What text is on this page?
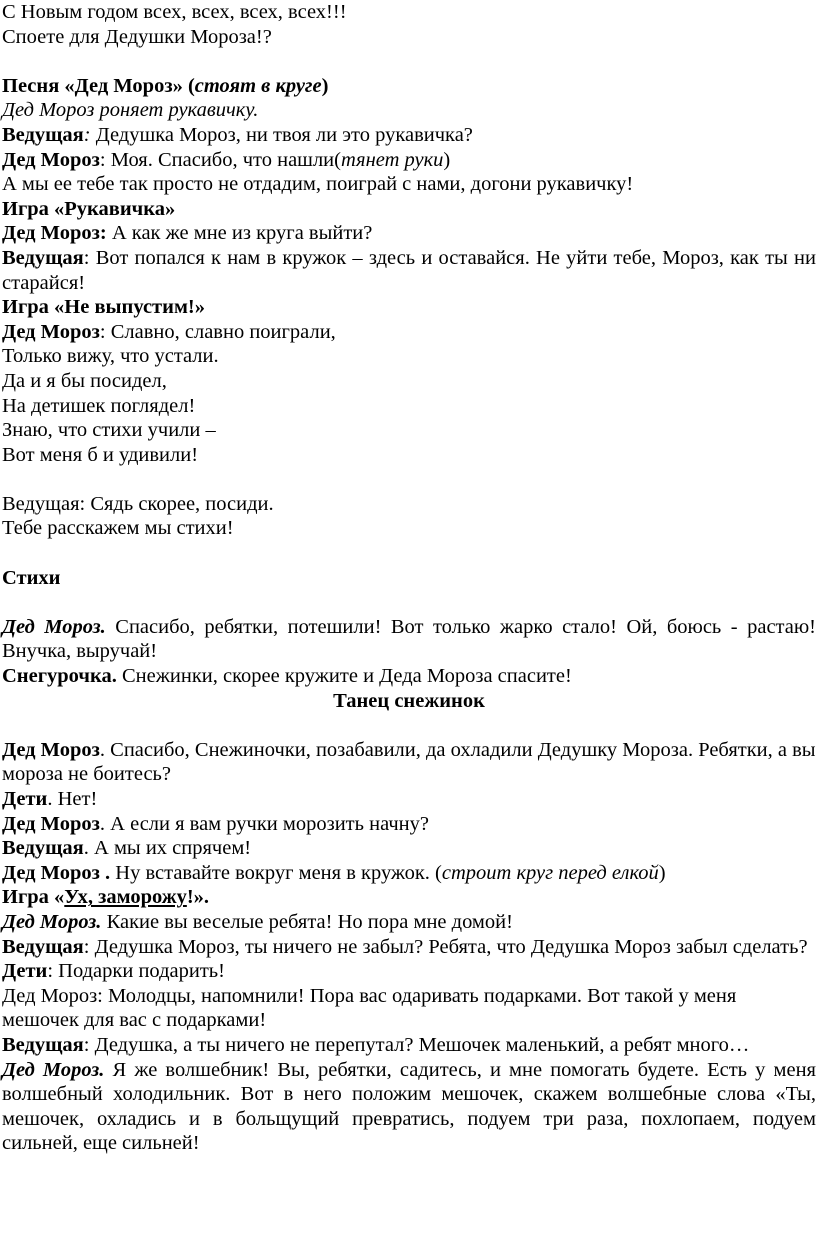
С Новым годом всех, всех, всех, всех!!!

Споете для Дедушки Мороза!?

Песня «Дед Мороз» (стоят в круге)

Дед Мороз роняет рукавичку.

Ведущая: Дедушка Мороз, ни твоя ли это рукавичка?

Дед Мороз: Моя. Спасибо, что нашли(тянет руки)

А мы ее тебе так просто не отдадим, поиграй с нами, догони рукавичку!

Игра «Рукавичка»

Дед Мороз: А как же мне из круга выйти?

Ведущая: Вот попался к нам в кружок – здесь и оставайся. Не уйти тебе, Мороз, как ты ни старайся!

Игра «Не выпустим!»

Дед Мороз: Славно, славно поиграли,

Только вижу, что устали.

Да и я бы посидел,

На детишек поглядел!

Знаю, что стихи учили –

Вот меня б и удивили!

Ведущая: Сядь скорее, посиди.

Тебе расскажем мы стихи!

Стихи

Дед Мороз. Спасибо, ребятки, потешили! Вот только жарко стало! Ой, боюсь - растаю! Внучка, выручай!

Снегурочка. Снежинки, скорее кружите и Деда Мороза спасите!

Танец снежинок

Дед Мороз. Спасибо, Снежиночки, позабавили, да охладили Дедушку Мороза. Ребятки, а вы мороза не боитесь?

Дети. Нет!

Дед Мороз. А если я вам ручки морозить начну?

Ведущая. А мы их спрячем!

Дед Мороз . Ну вставайте вокруг меня в кружок. (строит круг перед елкой)

Игра «Ух, заморожу!».

Дед Мороз. Какие вы веселые ребята! Но пора мне домой!

Ведущая: Дедушка Мороз, ты ничего не забыл? Ребята, что Дедушка Мороз забыл сделать?

Дети: Подарки подарить!

Дед Мороз: Молодцы, напомнили! Пора вас одаривать подарками. Вот такой у меня мешочек для вас с подарками!

Ведущая: Дедушка, а ты ничего не перепутал? Мешочек маленький, а ребят много…

Дед Мороз. Я же волшебник! Вы, ребятки, садитесь, и мне помогать будете. Есть у меня волшебный холодильник. Вот в него положим мешочек, скажем волшебные слова «Ты, мешочек, охладись и в больщущий превратись, подуем три раза, похлопаем, подуем сильней, еще сильней!
